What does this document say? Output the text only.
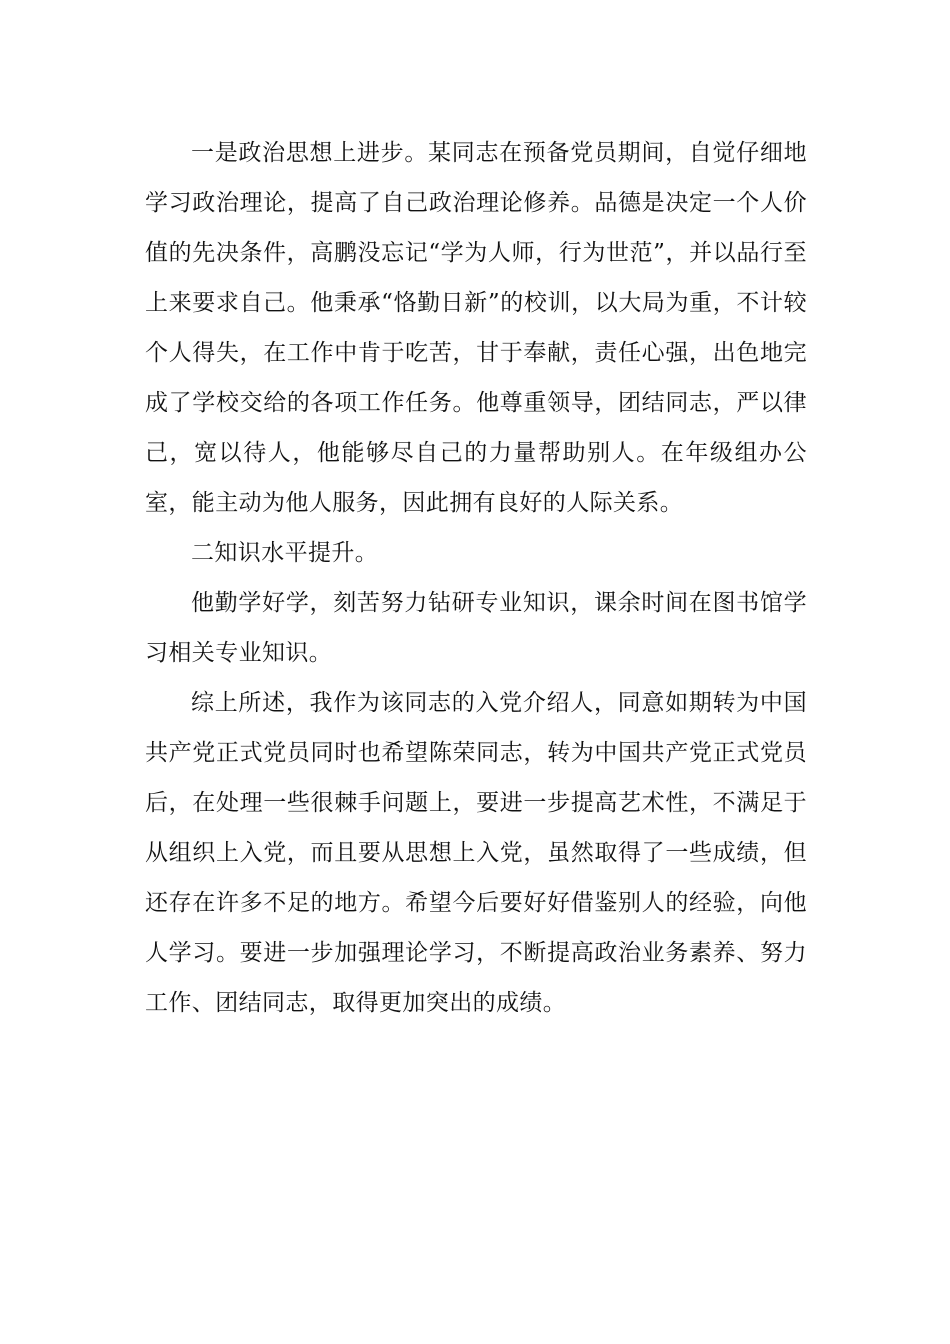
一是政治思想上进步。某同志在预备党员期间，自觉仔细地学习政治理论，提高了自己政治理论修养。品德是决定一个人价值的先决条件，高鹏没忘记“学为人师，行为世范”，并以品行至上来要求自己。他秉承“恪勤日新”的校训，以大局为重，不计较个人得失，在工作中肯于吃苦，甘于奉献，责任心强，出色地完成了学校交给的各项工作任务。他尊重领导，团结同志，严以律己，宽以待人，他能够尽自己的力量帮助别人。在年级组办公室，能主动为他人服务，因此拥有良好的人际关系。

二知识水平提升。

他勤学好学，刻苦努力钻研专业知识，课余时间在图书馆学习相关专业知识。

综上所述，我作为该同志的入党介绍人，同意如期转为中国共产党正式党员同时也希望陈荣同志，转为中国共产党正式党员后，在处理一些很棘手问题上，要进一步提高艺术性，不满足于从组织上入党，而且要从思想上入党，虽然取得了一些成绩，但还存在许多不足的地方。希望今后要好好借鉴别人的经验，向他人学习。要进一步加强理论学习，不断提高政治业务素养、努力工作、团结同志，取得更加突出的成绩。
